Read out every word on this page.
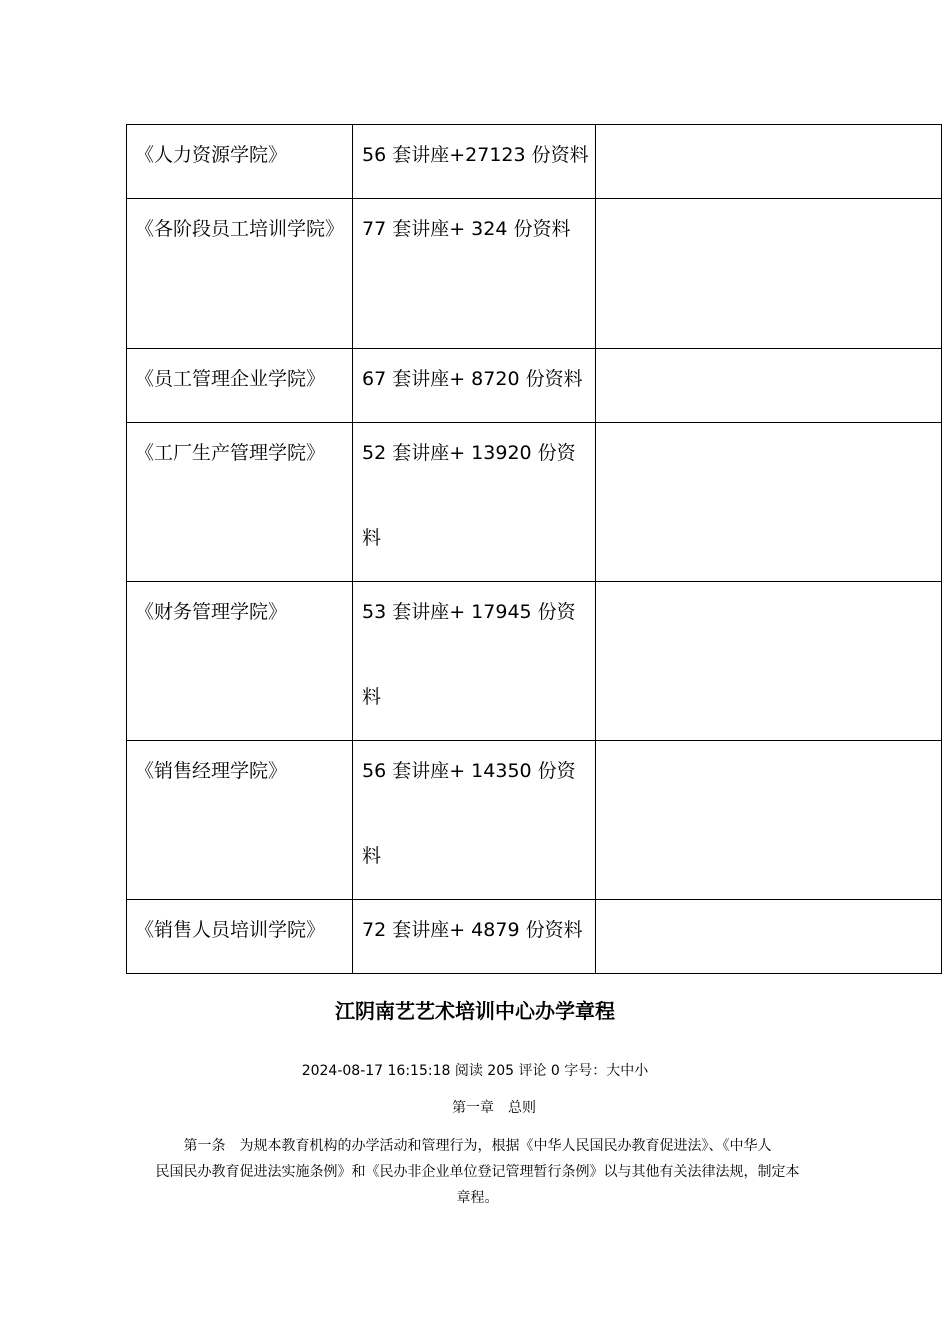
《人力资源学院》	56 套讲座+27123 份资料	

《各阶段员工培训学院》	77 套讲座+ 324 份资料	

《员工管理企业学院》	67 套讲座+ 8720 份资料	

《工厂生产管理学院》	52 套讲座+ 13920 份资料	

《财务管理学院》	53 套讲座+ 17945 份资料	

《销售经理学院》	56 套讲座+ 14350 份资料	

《销售人员培训学院》	72 套讲座+ 4879 份资料	

江阴南艺艺术培训中心办学章程
2024-08-17 16:15:18 阅读 205 评论 0 字号：大中小
第一章　总则
第一条　为规本教育机构的办学活动和管理行为，根据《中华人民国民办教育促进法》、《中华人
民国民办教育促进法实施条例》和《民办非企业单位登记管理暂行条例》以与其他有关法律法规，制定本
章程。
